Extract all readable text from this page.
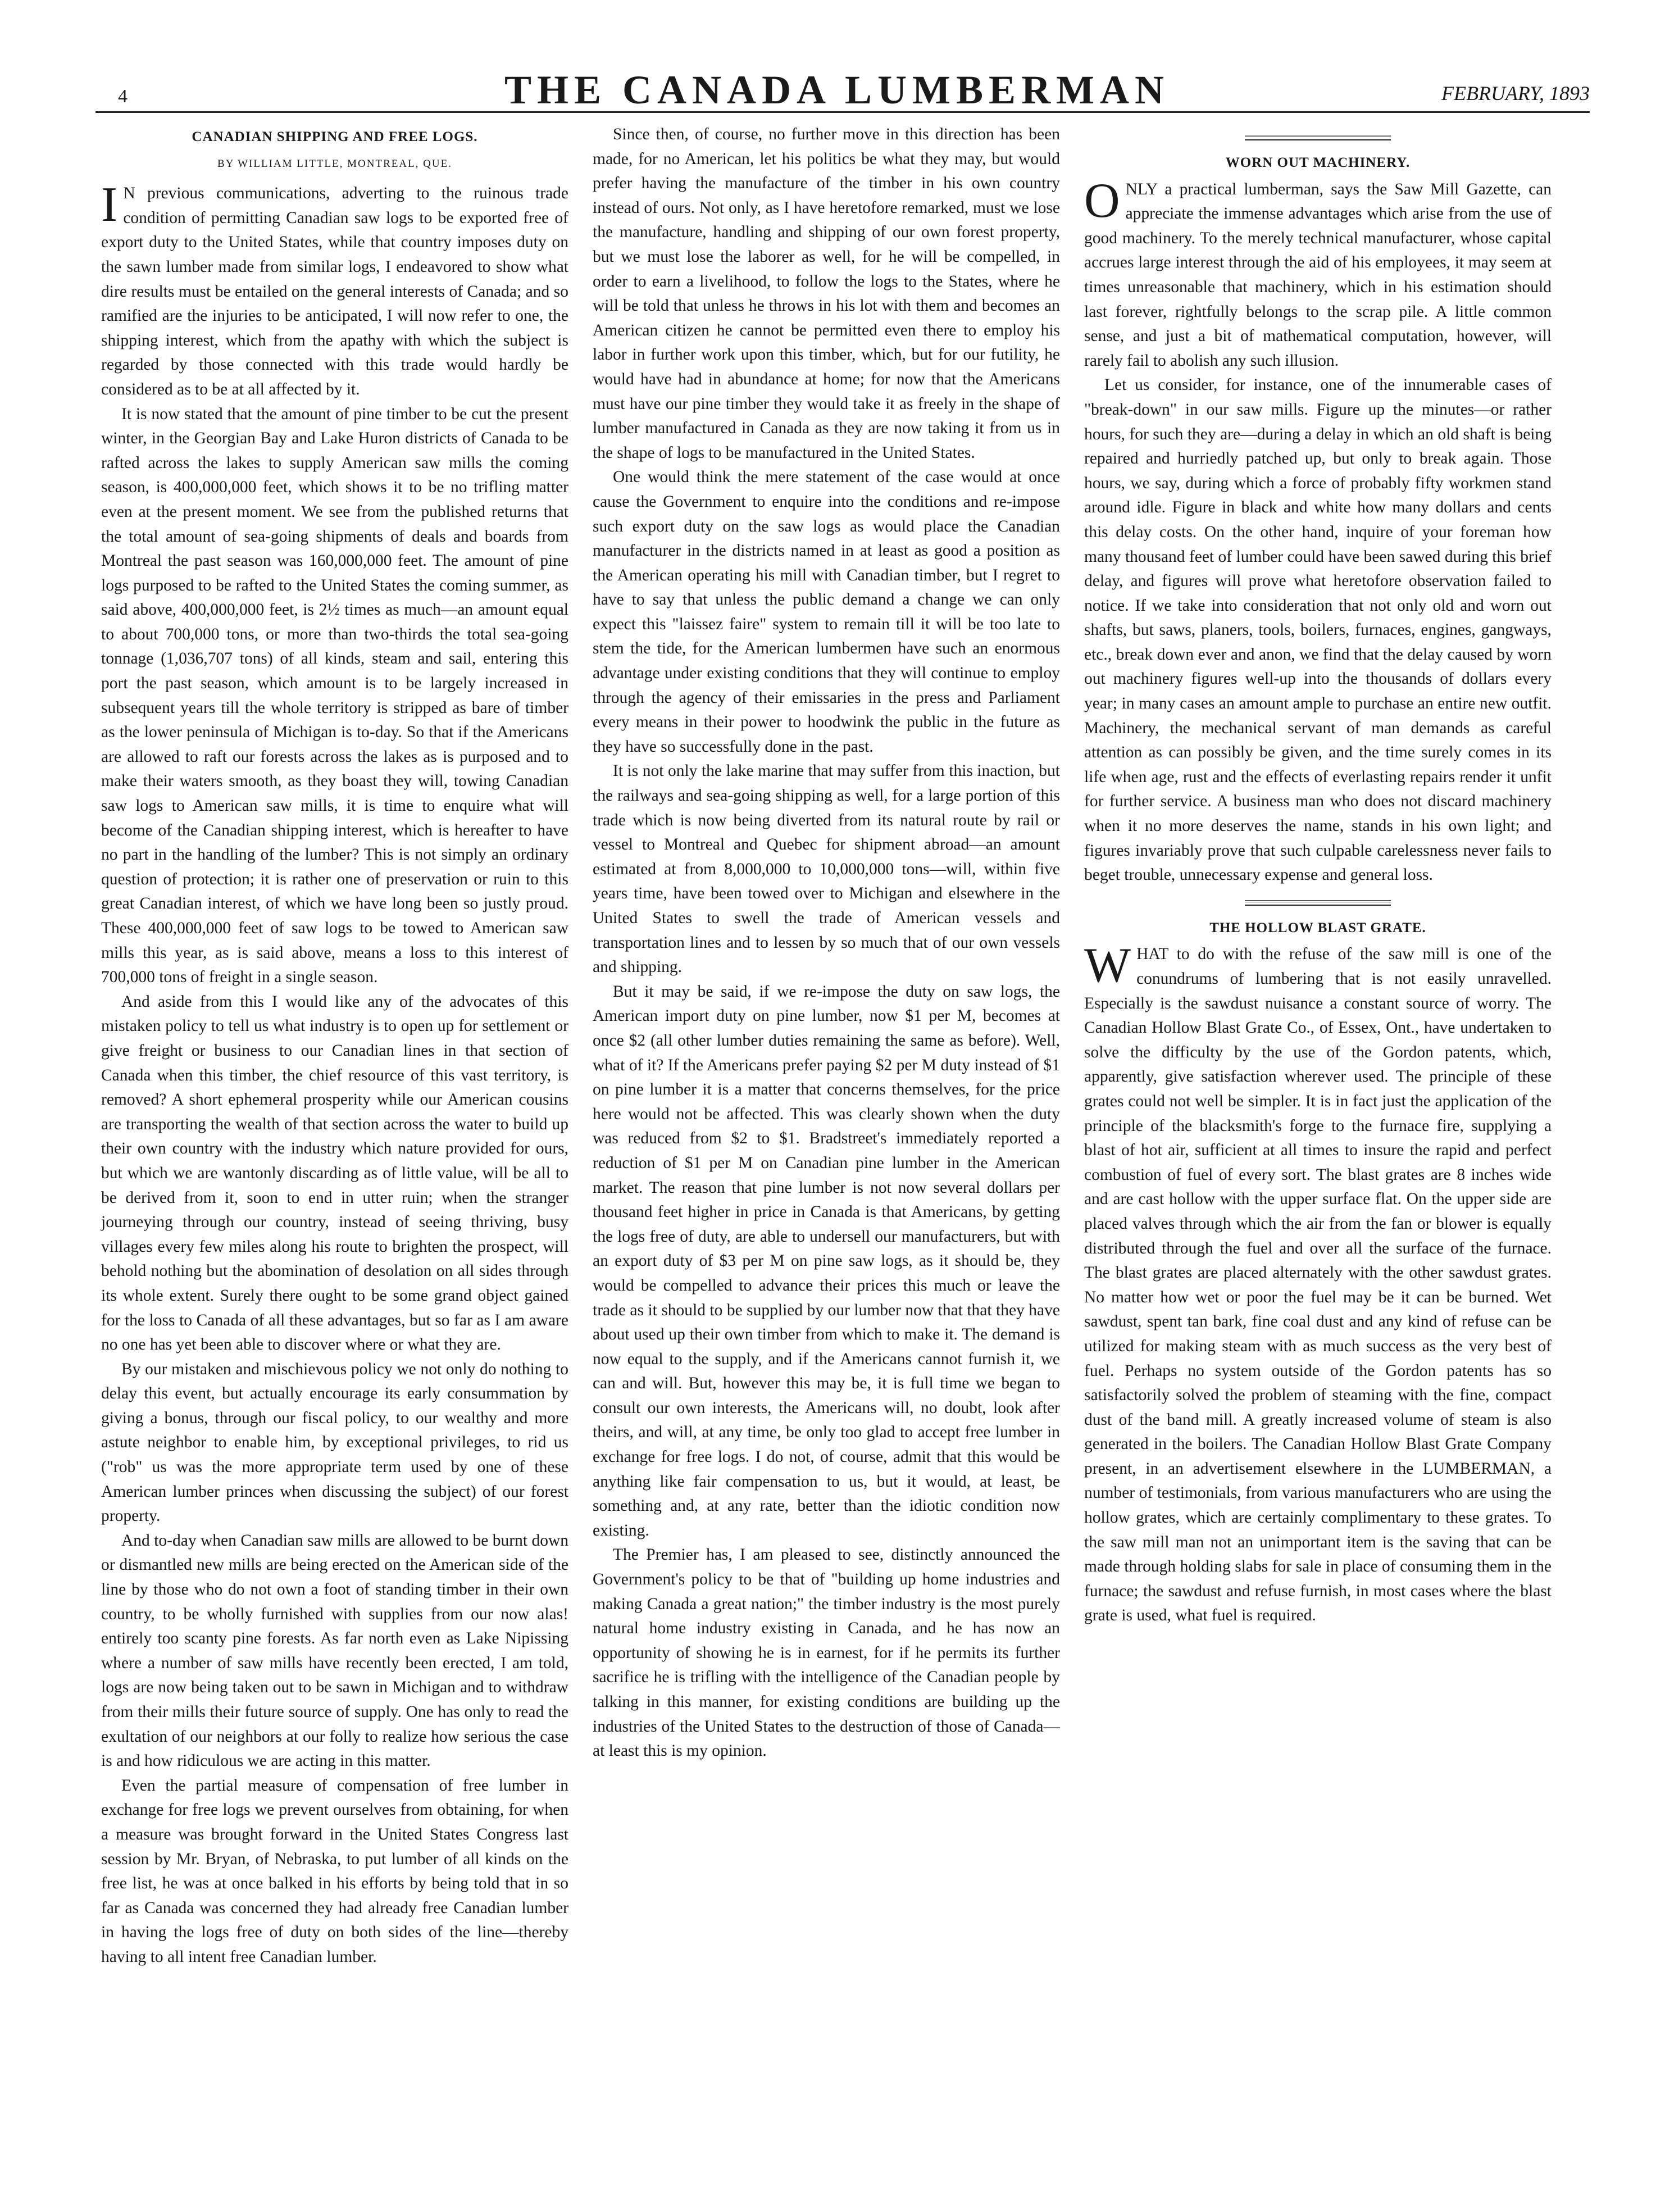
4	THE CANADA LUMBERMAN	FEBRUARY, 1893
CANADIAN SHIPPING AND FREE LOGS.
BY WILLIAM LITTLE, MONTREAL, QUE.

I N previous communications, adverting to the ruinous trade condition of permitting Canadian saw logs to be exported free of export duty to the United States, while that country imposes duty on the sawn lumber made from similar logs, I endeavored to show what dire results must be entailed on the general interests of Canada; and so ramified are the injuries to be anticipated, I will now refer to one, the shipping interest, which from the apathy with which the subject is regarded by those connected with this trade would hardly be considered as to be at all affected by it.

It is now stated that the amount of pine timber to be cut the present winter, in the Georgian Bay and Lake Huron districts of Canada to be rafted across the lakes to supply American saw mills the coming season, is 400,000,000 feet, which shows it to be no trifling matter even at the present moment. We see from the published returns that the total amount of sea-going shipments of deals and boards from Montreal the past season was 160,000,000 feet. The amount of pine logs purposed to be rafted to the United States the coming summer, as said above, 400,000,000 feet, is 2½ times as much—an amount equal to about 700,000 tons, or more than two-thirds the total sea-going tonnage (1,036,707 tons) of all kinds, steam and sail, entering this port the past season, which amount is to be largely increased in subsequent years till the whole territory is stripped as bare of timber as the lower peninsula of Michigan is to-day. So that if the Americans are allowed to raft our forests across the lakes as is purposed and to make their waters smooth, as they boast they will, towing Canadian saw logs to American saw mills, it is time to enquire what will become of the Canadian shipping interest, which is hereafter to have no part in the handling of the lumber? This is not simply an ordinary question of protection; it is rather one of preservation or ruin to this great Canadian interest, of which we have long been so justly proud. These 400,000,000 feet of saw logs to be towed to American saw mills this year, as is said above, means a loss to this interest of 700,000 tons of freight in a single season.

And aside from this I would like any of the advocates of this mistaken policy to tell us what industry is to open up for settlement or give freight or business to our Canadian lines in that section of Canada when this timber, the chief resource of this vast territory, is removed? A short ephemeral prosperity while our American cousins are transporting the wealth of that section across the water to build up their own country with the industry which nature provided for ours, but which we are wantonly discarding as of little value, will be all to be derived from it, soon to end in utter ruin; when the stranger journeying through our country, instead of seeing thriving, busy villages every few miles along his route to brighten the prospect, will behold nothing but the abomination of desolation on all sides through its whole extent. Surely there ought to be some grand object gained for the loss to Canada of all these advantages, but so far as I am aware no one has yet been able to discover where or what they are.

By our mistaken and mischievous policy we not only do nothing to delay this event, but actually encourage its early consummation by giving a bonus, through our fiscal policy, to our wealthy and more astute neighbor to enable him, by exceptional privileges, to rid us ("rob" us was the more appropriate term used by one of these American lumber princes when discussing the subject) of our forest property.

And to-day when Canadian saw mills are allowed to be burnt down or dismantled new mills are being erected on the American side of the line by those who do not own a foot of standing timber in their own country, to be wholly furnished with supplies from our now alas! entirely too scanty pine forests. As far north even as Lake Nipissing where a number of saw mills have recently been erected, I am told, logs are now being taken out to be sawn in Michigan and to withdraw from their mills their future source of supply. One has only to read the exultation of our neighbors at our folly to realize how serious the case is and how ridiculous we are acting in this matter.

Even the partial measure of compensation of free lumber in exchange for free logs we prevent ourselves from obtaining, for when a measure was brought forward in the United States Congress last session by Mr. Bryan, of Nebraska, to put lumber of all kinds on the free list, he was at once balked in his efforts by being told that in so far as Canada was concerned they had already free Canadian lumber in having the logs free of duty on both sides of the line—thereby having to all intent free Canadian lumber.

Since then, of course, no further move in this direction has been made, for no American, let his politics be what they may, but would prefer having the manufacture of the timber in his own country instead of ours. Not only, as I have heretofore remarked, must we lose the manufacture, handling and shipping of our own forest property, but we must lose the laborer as well, for he will be compelled, in order to earn a livelihood, to follow the logs to the States, where he will be told that unless he throws in his lot with them and becomes an American citizen he cannot be permitted even there to employ his labor in further work upon this timber, which, but for our futility, he would have had in abundance at home; for now that the Americans must have our pine timber they would take it as freely in the shape of lumber manufactured in Canada as they are now taking it from us in the shape of logs to be manufactured in the United States.

One would think the mere statement of the case would at once cause the Government to enquire into the conditions and re-impose such export duty on the saw logs as would place the Canadian manufacturer in the districts named in at least as good a position as the American operating his mill with Canadian timber, but I regret to have to say that unless the public demand a change we can only expect this "laissez faire" system to remain till it will be too late to stem the tide, for the American lumbermen have such an enormous advantage under existing conditions that they will continue to employ through the agency of their emissaries in the press and Parliament every means in their power to hoodwink the public in the future as they have so successfully done in the past.

It is not only the lake marine that may suffer from this inaction, but the railways and sea-going shipping as well, for a large portion of this trade which is now being diverted from its natural route by rail or vessel to Montreal and Quebec for shipment abroad—an amount estimated at from 8,000,000 to 10,000,000 tons—will, within five years time, have been towed over to Michigan and elsewhere in the United States to swell the trade of American vessels and transportation lines and to lessen by so much that of our own vessels and shipping.

But it may be said, if we re-impose the duty on saw logs, the American import duty on pine lumber, now $1 per M, becomes at once $2 (all other lumber duties remaining the same as before). Well, what of it? If the Americans prefer paying $2 per M duty instead of $1 on pine lumber it is a matter that concerns themselves, for the price here would not be affected. This was clearly shown when the duty was reduced from $2 to $1. Bradstreet's immediately reported a reduction of $1 per M on Canadian pine lumber in the American market. The reason that pine lumber is not now several dollars per thousand feet higher in price in Canada is that Americans, by getting the logs free of duty, are able to undersell our manufacturers, but with an export duty of $3 per M on pine saw logs, as it should be, they would be compelled to advance their prices this much or leave the trade as it should to be supplied by our lumber now that that they have about used up their own timber from which to make it. The demand is now equal to the supply, and if the Americans cannot furnish it, we can and will. But, however this may be, it is full time we began to consult our own interests, the Americans will, no doubt, look after theirs, and will, at any time, be only too glad to accept free lumber in exchange for free logs. I do not, of course, admit that this would be anything like fair compensation to us, but it would, at least, be something and, at any rate, better than the idiotic condition now existing.

The Premier has, I am pleased to see, distinctly announced the Government's policy to be that of "building up home industries and making Canada a great nation;" the timber industry is the most purely natural home industry existing in Canada, and he has now an opportunity of showing he is in earnest, for if he permits its further sacrifice he is trifling with the intelligence of the Canadian people by talking in this manner, for existing conditions are building up the industries of the United States to the destruction of those of Canada—at least this is my opinion.

WORN OUT MACHINERY.

ONLY a practical lumberman, says the Saw Mill Gazette, can appreciate the immense advantages which arise from the use of good machinery. To the merely technical manufacturer, whose capital accrues large interest through the aid of his employees, it may seem at times unreasonable that machinery, which in his estimation should last forever, rightfully belongs to the scrap pile. A little common sense, and just a bit of mathematical computation, however, will rarely fail to abolish any such illusion.

Let us consider, for instance, one of the innumerable cases of "break-down" in our saw mills. Figure up the minutes—or rather hours, for such they are—during a delay in which an old shaft is being repaired and hurriedly patched up, but only to break again. Those hours, we say, during which a force of probably fifty workmen stand around idle. Figure in black and white how many dollars and cents this delay costs. On the other hand, inquire of your foreman how many thousand feet of lumber could have been sawed during this brief delay, and figures will prove what heretofore observation failed to notice. If we take into consideration that not only old and worn out shafts, but saws, planers, tools, boilers, furnaces, engines, gangways, etc., break down ever and anon, we find that the delay caused by worn out machinery figures well-up into the thousands of dollars every year; in many cases an amount ample to purchase an entire new outfit. Machinery, the mechanical servant of man demands as careful attention as can possibly be given, and the time surely comes in its life when age, rust and the effects of everlasting repairs render it unfit for further service. A business man who does not discard machinery when it no more deserves the name, stands in his own light; and figures invariably prove that such culpable carelessness never fails to beget trouble, unnecessary expense and general loss.

THE HOLLOW BLAST GRATE.

WHAT to do with the refuse of the saw mill is one of the conundrums of lumbering that is not easily unravelled. Especially is the sawdust nuisance a constant source of worry. The Canadian Hollow Blast Grate Co., of Essex, Ont., have undertaken to solve the difficulty by the use of the Gordon patents, which, apparently, give satisfaction wherever used. The principle of these grates could not well be simpler. It is in fact just the application of the principle of the blacksmith's forge to the furnace fire, supplying a blast of hot air, sufficient at all times to insure the rapid and perfect combustion of fuel of every sort. The blast grates are 8 inches wide and are cast hollow with the upper surface flat. On the upper side are placed valves through which the air from the fan or blower is equally distributed through the fuel and over all the surface of the furnace. The blast grates are placed alternately with the other sawdust grates. No matter how wet or poor the fuel may be it can be burned. Wet sawdust, spent tan bark, fine coal dust and any kind of refuse can be utilized for making steam with as much success as the very best of fuel. Perhaps no system outside of the Gordon patents has so satisfactorily solved the problem of steaming with the fine, compact dust of the band mill. A greatly increased volume of steam is also generated in the boilers. The Canadian Hollow Blast Grate Company present, in an advertisement elsewhere in the LUMBERMAN, a number of testimonials, from various manufacturers who are using the hollow grates, which are certainly complimentary to these grates. To the saw mill man not an unimportant item is the saving that can be made through holding slabs for sale in place of consuming them in the furnace; the sawdust and refuse furnish, in most cases where the blast grate is used, what fuel is required.
